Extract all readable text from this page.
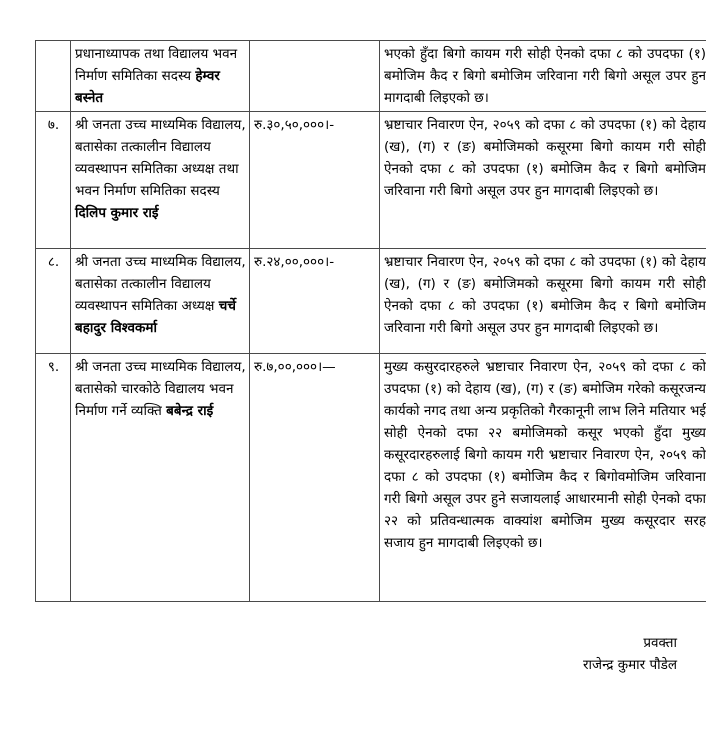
	प्रधानाध्यापक तथा विद्यालय भवन निर्माण समितिका सदस्य हेम्वर बस्नेत		भएको हुँदा बिगो कायम गरी सोही ऐनको दफा ८ को उपदफा (१) बमोजिम कैद र बिगो बमोजिम जरिवाना गरी बिगो असूल उपर हुन मागदाबी लिइएको छ।
७.	श्री जनता उच्च माध्यमिक विद्यालय, बतासेका तत्कालीन विद्यालय व्यवस्थापन समितिका अध्यक्ष तथा भवन निर्माण समितिका सदस्य दिलिप कुमार राई	रु.३०,५०,०००।-	भ्रष्टाचार निवारण ऐन, २०५९ को दफा ८ को उपदफा (१) को देहाय (ख), (ग) र (ङ) बमोजिमको कसूरमा बिगो कायम गरी सोही ऐनको दफा ८ को उपदफा (१) बमोजिम कैद र बिगो बमोजिम जरिवाना गरी बिगो असूल उपर हुन मागदाबी लिइएको छ।
८.	श्री जनता उच्च माध्यमिक विद्यालय, बतासेका तत्कालीन विद्यालय व्यवस्थापन समितिका अध्यक्ष चर्चे बहादुर विश्वकर्मा	रु.२४,००,०००।-	भ्रष्टाचार निवारण ऐन, २०५९ को दफा ८ को उपदफा (१) को देहाय (ख), (ग) र (ङ) बमोजिमको कसूरमा बिगो कायम गरी सोही ऐनको दफा ८ को उपदफा (१) बमोजिम कैद र बिगो बमोजिम जरिवाना गरी बिगो असूल उपर हुन मागदाबी लिइएको छ।
९.	श्री जनता उच्च माध्यमिक विद्यालय, बतासेको चारकोठे विद्यालय भवन निर्माण गर्ने व्यक्ति बबेन्द्र राई	रु.७,००,०००।—	मुख्य कसुरदारहरुले भ्रष्टाचार निवारण ऐन, २०५९ को दफा ८ को उपदफा (१) को देहाय (ख), (ग) र (ङ) बमोजिम गरेको कसूरजन्य कार्यको नगद तथा अन्य प्रकृतिको गैरकानूनी लाभ लिने मतियार भई सोही ऐनको दफा २२ बमोजिमको कसूर भएको हुँदा मुख्य कसूरदारहरुलाई बिगो कायम गरी भ्रष्टाचार निवारण ऐन, २०५९ को दफा ८ को उपदफा (१) बमोजिम कैद र बिगोवमोजिम जरिवाना गरी बिगो असूल उपर हुने सजायलाई आधारमानी सोही ऐनको दफा २२ को प्रतिवन्धात्मक वाक्यांश बमोजिम मुख्य कसूरदार सरह सजाय हुन मागदाबी लिइएको छ।
प्रवक्ता
राजेन्द्र कुमार पौडेल
